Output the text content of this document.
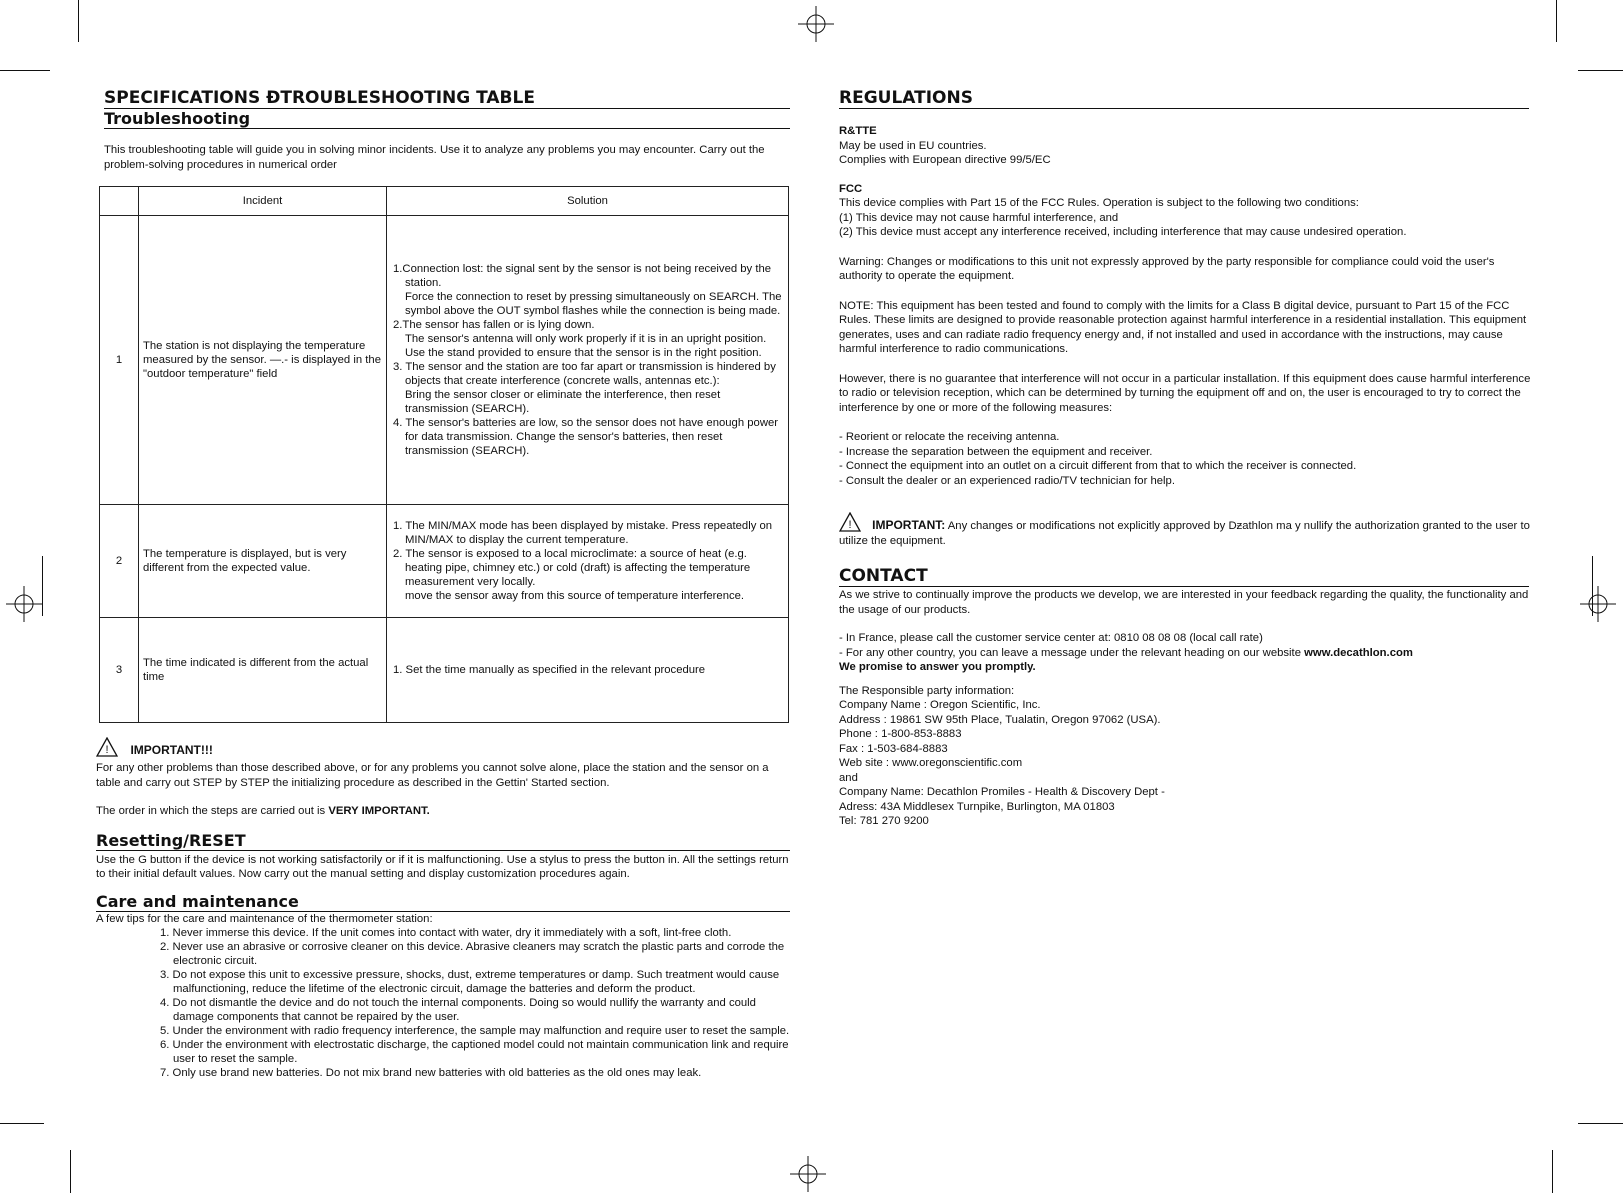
SPECIFICATIONS ÐTROUBLESHOOTING TABLE
Troubleshooting

This troubleshooting table will guide you in solving minor incidents. Use it to analyze any problems you may encounter. Carry out the problem-solving procedures in numerical order

Incident	Solution
1
The station is not displaying the temperature measured by the sensor. —.- is displayed in the "outdoor temperature" field
1.Connection lost: the signal sent by the sensor is not being received by the station.
Force the connection to reset by pressing simultaneously on SEARCH. The symbol above the OUT symbol flashes while the connection is being made.
2.The sensor has fallen or is lying down.
The sensor's antenna will only work properly if it is in an upright position. Use the stand provided to ensure that the sensor is in the right position.
3. The sensor and the station are too far apart or transmission is hindered by objects that create interference (concrete walls, antennas etc.):
Bring the sensor closer or eliminate the interference, then reset transmission (SEARCH).
4. The sensor's batteries are low, so the sensor does not have enough power for data transmission. Change the sensor's batteries, then reset transmission (SEARCH).
2
The temperature is displayed, but is very different from the expected value.
1. The MIN/MAX mode has been displayed by mistake. Press repeatedly on MIN/MAX to display the current temperature.
2. The sensor is exposed to a local microclimate: a source of heat (e.g. heating pipe, chimney etc.) or cold (draft) is affecting the temperature measurement very locally.
move the sensor away from this source of temperature interference.
3
The time indicated is different from the actual time
1. Set the time manually as specified in the relevant procedure
! IMPORTANT!!!

For any other problems than those described above, or for any problems you cannot solve alone, place the station and the sensor on a table and carry out STEP by STEP the initializing procedure as described in the Gettin' Started section.

The order in which the steps are carried out is VERY IMPORTANT.

Resetting/RESET

Use the G button if the device is not working satisfactorily or if it is malfunctioning. Use a stylus to press the button in. All the settings return to their initial default values. Now carry out the manual setting and display customization procedures again.

Care and maintenance

A few tips for the care and maintenance of the thermometer station:

1. Never immerse this device. If the unit comes into contact with water, dry it immediately with a soft, lint-free cloth.
2. Never use an abrasive or corrosive cleaner on this device. Abrasive cleaners may scratch the plastic parts and corrode the electronic circuit.
3. Do not expose this unit to excessive pressure, shocks, dust, extreme temperatures or damp. Such treatment would cause malfunctioning, reduce the lifetime of the electronic circuit, damage the batteries and deform the product.
4. Do not dismantle the device and do not touch the internal components. Doing so would nullify the warranty and could damage components that cannot be repaired by the user.
5. Under the environment with radio frequency interference, the sample may malfunction and require user to reset the sample.
6. Under the environment with electrostatic discharge, the captioned model could not maintain communication link and require user to reset the sample.
7. Only use brand new batteries. Do not mix brand new batteries with old batteries as the old ones may leak.
REGULATIONS

R&TTE

May be used in EU countries.

Complies with European directive 99/5/EC

FCC

This device complies with Part 15 of the FCC Rules. Operation is subject to the following two conditions:

(1) This device may not cause harmful interference, and

(2) This device must accept any interference received, including interference that may cause undesired operation.

Warning: Changes or modifications to this unit not expressly approved by the party responsible for compliance could void the user's authority to operate the equipment.

NOTE: This equipment has been tested and found to comply with the limits for a Class B digital device, pursuant to Part 15 of the FCC Rules. These limits are designed to provide reasonable protection against harmful interference in a residential installation. This equipment generates, uses and can radiate radio frequency energy and, if not installed and used in accordance with the instructions, may cause harmful interference to radio communications.

However, there is no guarantee that interference will not occur in a particular installation. If this equipment does cause harmful interference to radio or television reception, which can be determined by turning the equipment off and on, the user is encouraged to try to correct the interference by one or more of the following measures:

- Reorient or relocate the receiving antenna.

- Increase the separation between the equipment and receiver.

- Connect the equipment into an outlet on a circuit different from that to which the receiver is connected.

- Consult the dealer or an experienced radio/TV technician for help.

! IMPORTANT: Any changes or modifications not explicitly approved by Dƶathlon ma y nullify the authorization granted to the user to utilize the equipment.

CONTACT

As we strive to continually improve the products we develop, we are interested in your feedback regarding the quality, the functionality and the usage of our products.

- In France, please call the customer service center at: 0810 08 08 08 (local call rate)

- For any other country, you can leave a message under the relevant heading on our website www.decathlon.com

We promise to answer you promptly.

The Responsible party information:

Company Name : Oregon Scientific, Inc.

Address : 19861 SW 95th Place, Tualatin, Oregon 97062 (USA).

Phone : 1-800-853-8883

Fax : 1-503-684-8883

Web site : www.oregonscientific.com

and

Company Name: Decathlon Promiles - Health & Discovery Dept -

Adress: 43A Middlesex Turnpike, Burlington, MA 01803

Tel: 781 270 9200
